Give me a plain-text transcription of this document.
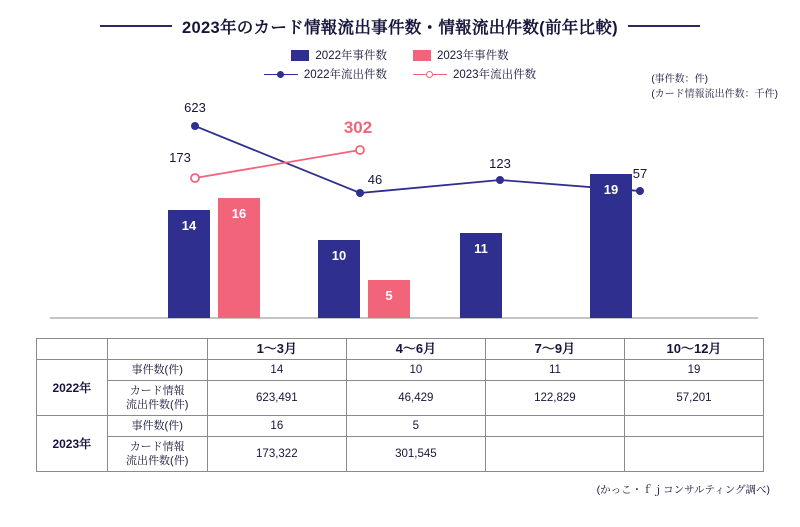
2023年のカード情報流出事件数・情報流出件数(前年比較)
2022年事件数	2023年事件数
2022年流出件数	2023年流出件数	(事件数：件)
(カード情報流出件数：千件)
623
46
123
57
173
302
14
16
10
5
11
19
		1～3月	4～6月	7～9月	10～12月
2022年	事件数(件)	14	10	11	19

	カード情報
流出件数(件)	623,491	46,429	122,829	57,201
2023年	事件数(件)	16	5		

	カード情報
流出件数(件)	173,322	301,545		
(かっこ・ｆｊコンサルティング調べ)
